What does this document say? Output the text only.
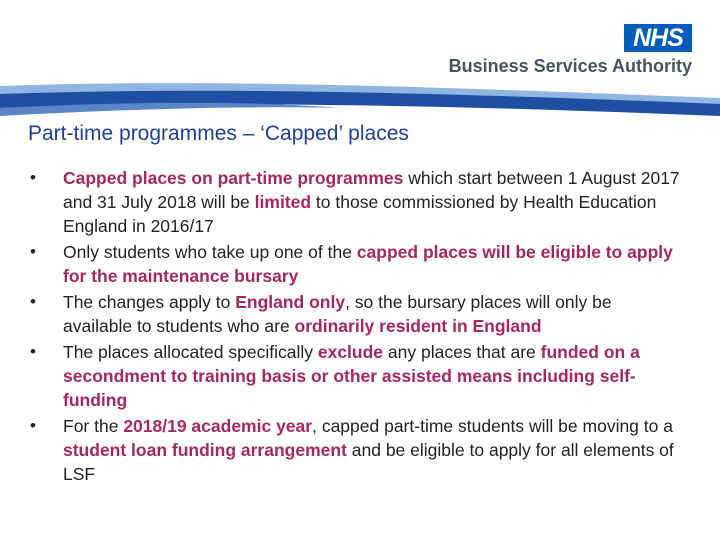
NHS
Business Services Authority
Part-time programmes – ‘Capped’ places
• Capped places on part-time programmes which start between 1 August 2017 and 31 July 2018 will be limited to those commissioned by Health Education England in 2016/17
• Only students who take up one of the capped places will be eligible to apply for the maintenance bursary
• The changes apply to England only, so the bursary places will only be available to students who are ordinarily resident in England
• The places allocated specifically exclude any places that are funded on a secondment to training basis or other assisted means including self-funding
• For the 2018/19 academic year, capped part-time students will be moving to a student loan funding arrangement and be eligible to apply for all elements of LSF
